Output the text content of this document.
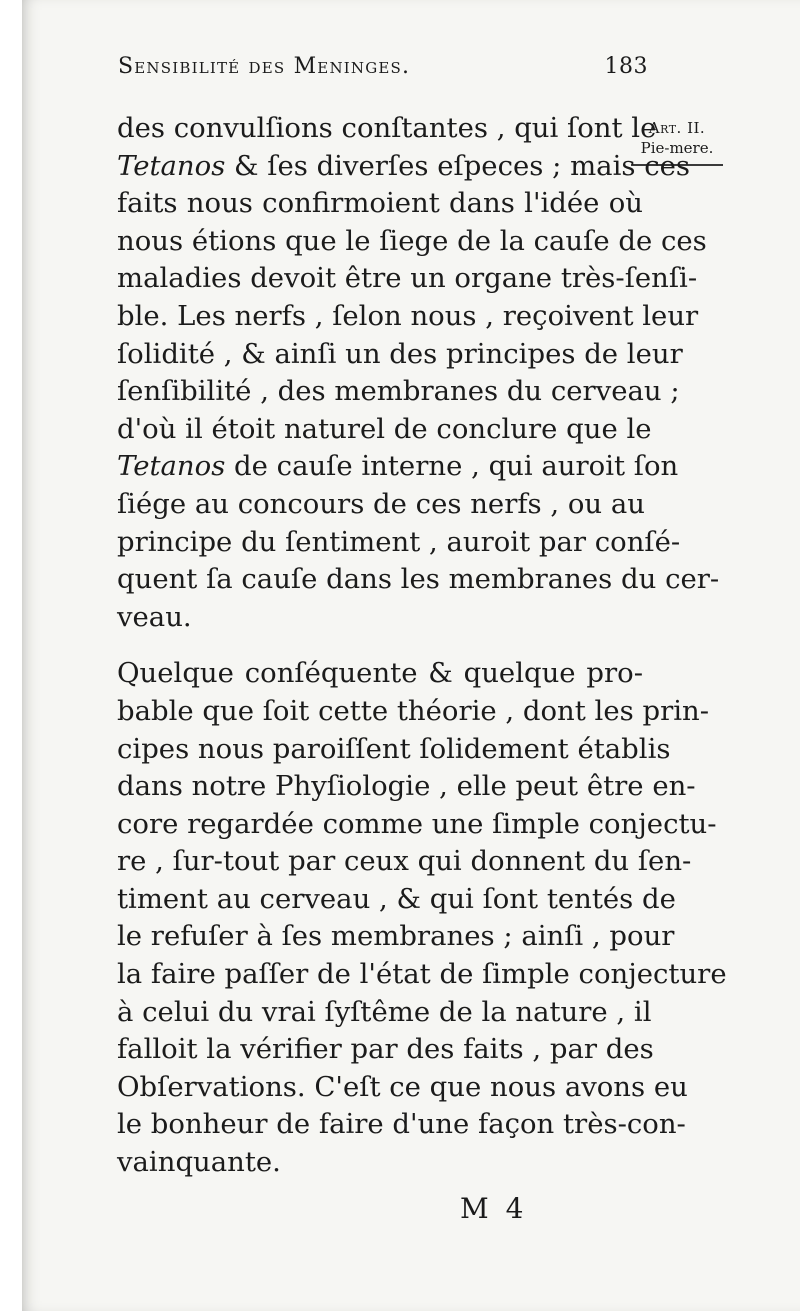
Sensibilité des Meninges.	183
Art. II.
Pie-mere.
des convulſions conſtantes , qui ſont le
Tetanos & ſes diverſes eſpeces ; mais ces
faits nous confirmoient dans l'idée où
nous étions que le ſiege de la cauſe de ces
maladies devoit être un organe très-ſenſi-
ble. Les nerfs , ſelon nous , reçoivent leur
ſolidité , & ainſi un des principes de leur
ſenſibilité , des membranes du cerveau ;
d'où il étoit naturel de conclure que le
Tetanos de cauſe interne , qui auroit ſon
ſiége au concours de ces nerfs , ou au
principe du ſentiment , auroit par conſé-
quent ſa cauſe dans les membranes du cer-
veau.
Quelque conſéquente & quelque pro-
bable que ſoit cette théorie , dont les prin-
cipes nous paroiſſent ſolidement établis
dans notre Phyſiologie , elle peut être en-
core regardée comme une ſimple conjectu-
re , ſur-tout par ceux qui donnent du ſen-
timent au cerveau , & qui ſont tentés de
le refuſer à ſes membranes ; ainſi , pour
la faire paſſer de l'état de ſimple conjecture
à celui du vrai ſyſtême de la nature , il
falloit la vérifier par des faits , par des
Obſervations. C'eſt ce que nous avons eu
le bonheur de faire d'une façon très-con-
vainquante.
M 4
